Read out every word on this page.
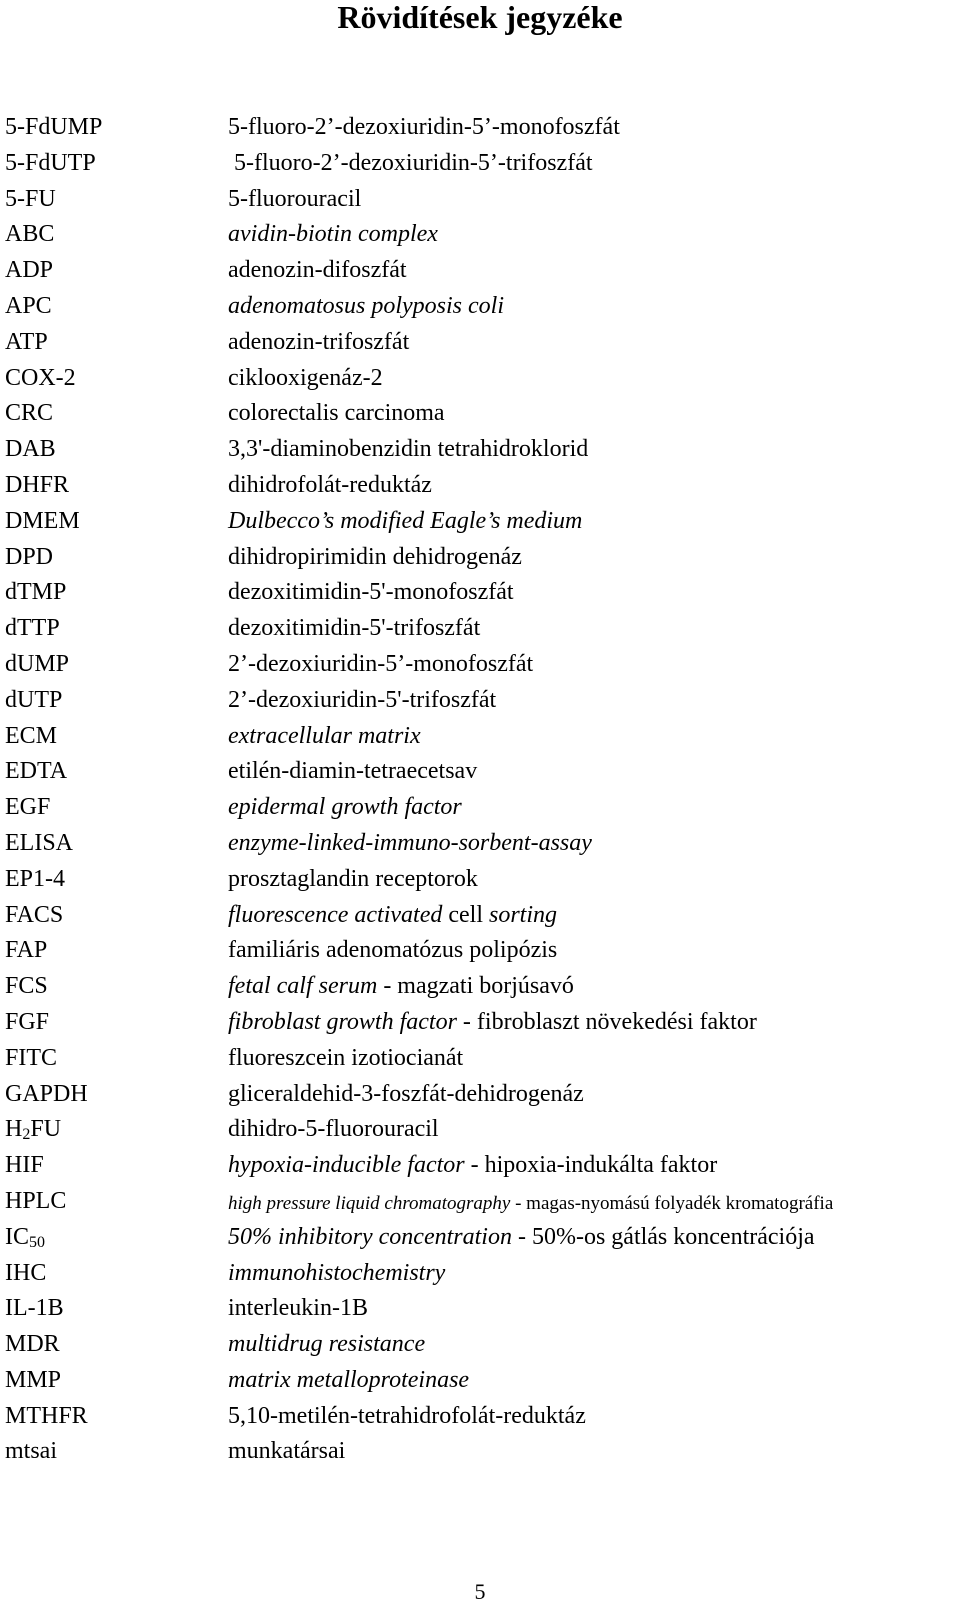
Rövidítések jegyzéke
5-FdUMP	5-fluoro-2’-dezoxiuridin-5’-monofoszfát
5-FdUTP	5-fluoro-2’-dezoxiuridin-5’-trifoszfát
5-FU	5-fluorouracil
ABC	avidin-biotin complex
ADP	adenozin-difoszfát
APC	adenomatosus polyposis coli
ATP	adenozin-trifoszfát
COX-2	ciklooxigenáz-2
CRC	colorectalis carcinoma
DAB	3,3'-diaminobenzidin tetrahidroklorid
DHFR	dihidrofolát-reduktáz
DMEM	Dulbecco’s modified Eagle’s medium
DPD	dihidropirimidin dehidrogenáz
dTMP	dezoxitimidin-5'-monofoszfát
dTTP	dezoxitimidin-5'-trifoszfát
dUMP	2’-dezoxiuridin-5’-monofoszfát
dUTP	2’-dezoxiuridin-5'-trifoszfát
ECM	extracellular matrix
EDTA	etilén-diamin-tetraecetsav
EGF	epidermal growth factor
ELISA	enzyme-linked-immuno-sorbent-assay
EP1-4	prosztaglandin receptorok
FACS	fluorescence activated cell sorting
FAP	familiáris adenomatózus polipózis
FCS	fetal calf serum - magzati borjúsavó
FGF	fibroblast growth factor - fibroblaszt növekedési faktor
FITC	fluoreszcein izotiocianát
GAPDH	gliceraldehid-3-foszfát-dehidrogenáz
H2FU	dihidro-5-fluorouracil
HIF	hypoxia-inducible factor - hipoxia-indukálta faktor
HPLC	high pressure liquid chromatography - magas-nyomású folyadék kromatográfia
IC50	50% inhibitory concentration - 50%-os gátlás koncentrációja
IHC	immunohistochemistry
IL-1B	interleukin-1B
MDR	multidrug resistance
MMP	matrix metalloproteinase
MTHFR	5,10-metilén-tetrahidrofolát-reduktáz
mtsai	munkatársai
5
